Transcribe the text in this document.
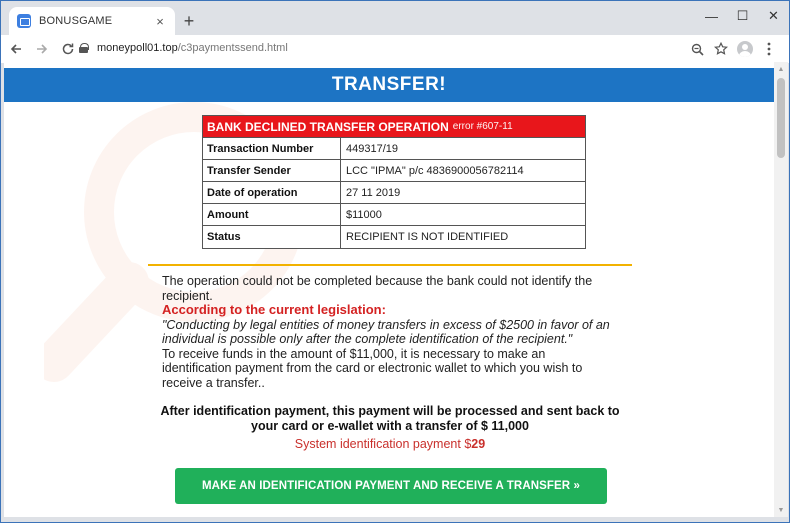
BONUSGAME	× +	—	☐	✕
moneypoll01.top /c3paymentssend.html
TRANSFER!
BANK DECLINED TRANSFER OPERATION error #607-11
Transaction Number	449317/19
Transfer Sender	LCC "IPMA" p/c 4836900056782114
Date of operation	27 11 2019
Amount	$11000
Status	RECIPIENT IS NOT IDENTIFIED
The operation could not be completed because the bank could not identify the recipient.
According to the current legislation:
"Conducting by legal entities of money transfers in excess of $2500 in favor of an individual is possible only after the complete identification of the recipient."
To receive funds in the amount of $11,000, it is necessary to make an identification payment from the card or electronic wallet to which you wish to receive a transfer..
After identification payment, this payment will be processed and sent back to your card or e-wallet with a transfer of $ 11,000
System identification payment $29
MAKE AN IDENTIFICATION PAYMENT AND RECEIVE A TRANSFER »
▲
▼
